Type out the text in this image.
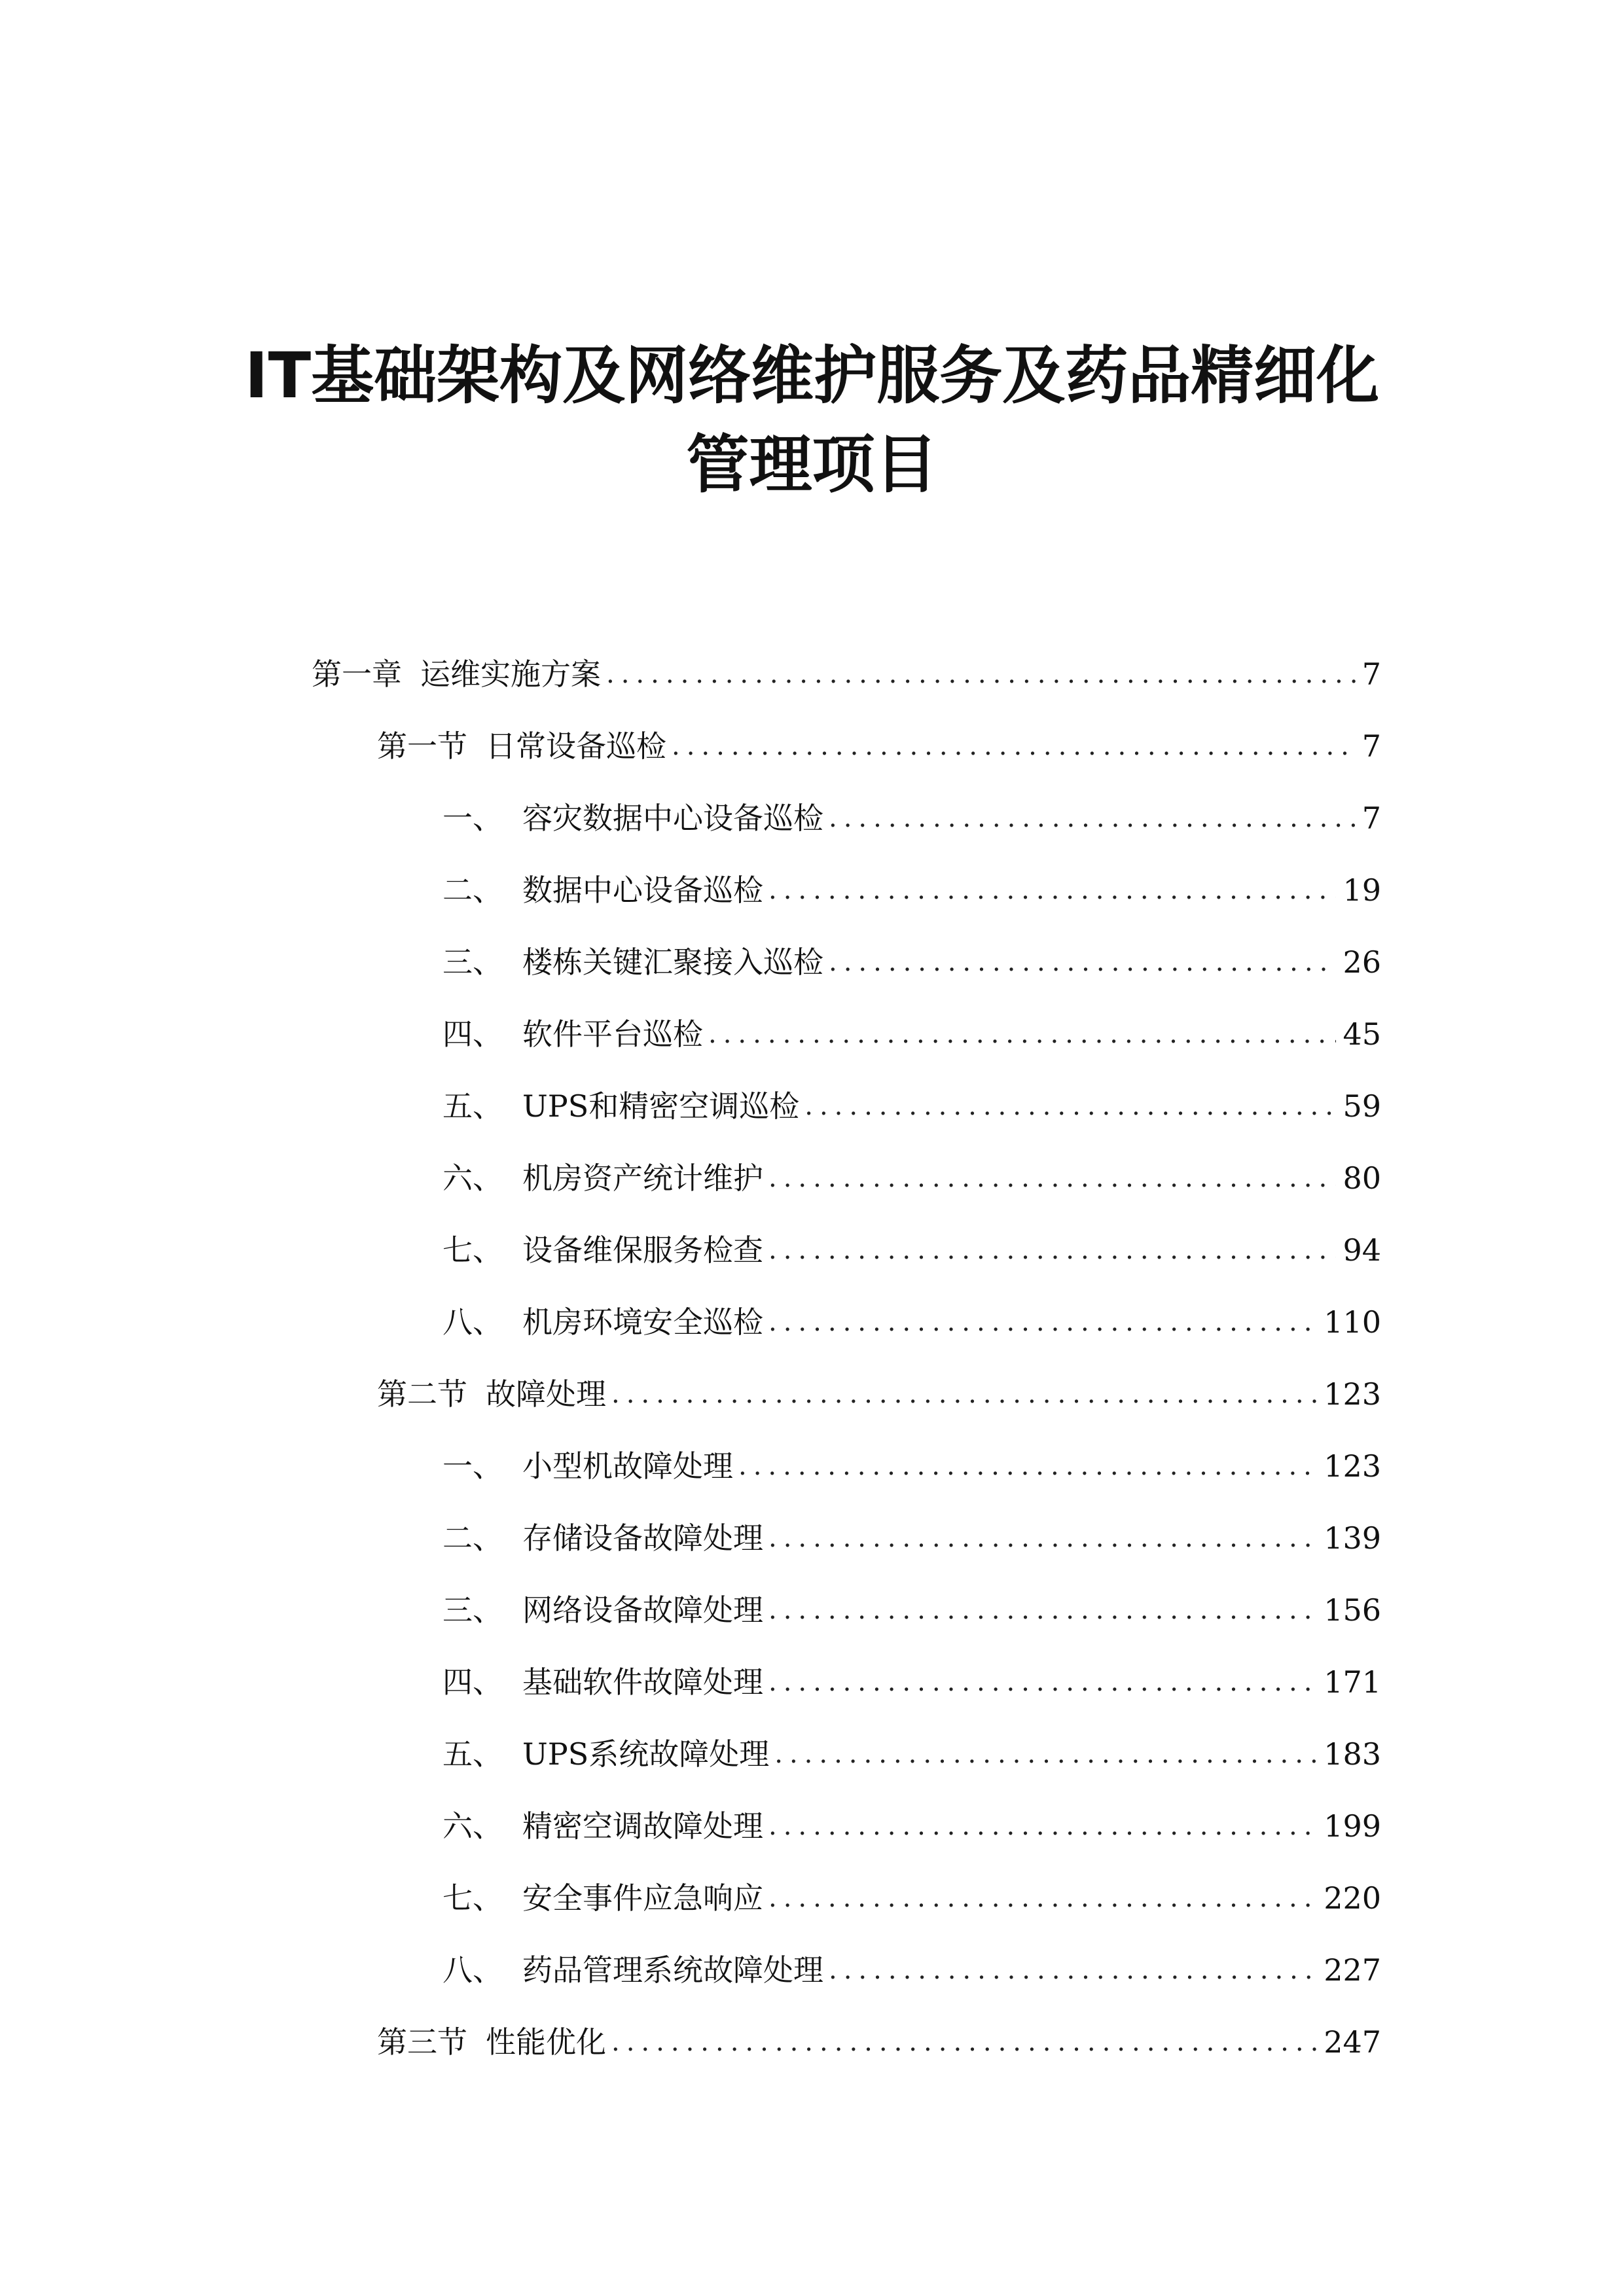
IT基础架构及网络维护服务及药品精细化
管理项目
第一章 运维实施方案 .....	7
第一节 日常设备巡检 .....	7
一、 容灾数据中心设备巡检 .....	7
二、 数据中心设备巡检 .....	19
三、 楼栋关键汇聚接入巡检 .....	26
四、 软件平台巡检 .....	45
五、 UPS和精密空调巡检 .....	59
六、 机房资产统计维护 .....	80
七、 设备维保服务检查 .....	94
八、 机房环境安全巡检 .....	110
第二节 故障处理 .....	123
一、 小型机故障处理 .....	123
二、 存储设备故障处理 .....	139
三、 网络设备故障处理 .....	156
四、 基础软件故障处理 .....	171
五、 UPS系统故障处理 .....	183
六、 精密空调故障处理 .....	199
七、 安全事件应急响应 .....	220
八、 药品管理系统故障处理 .....	227
第三节 性能优化 .....	247
